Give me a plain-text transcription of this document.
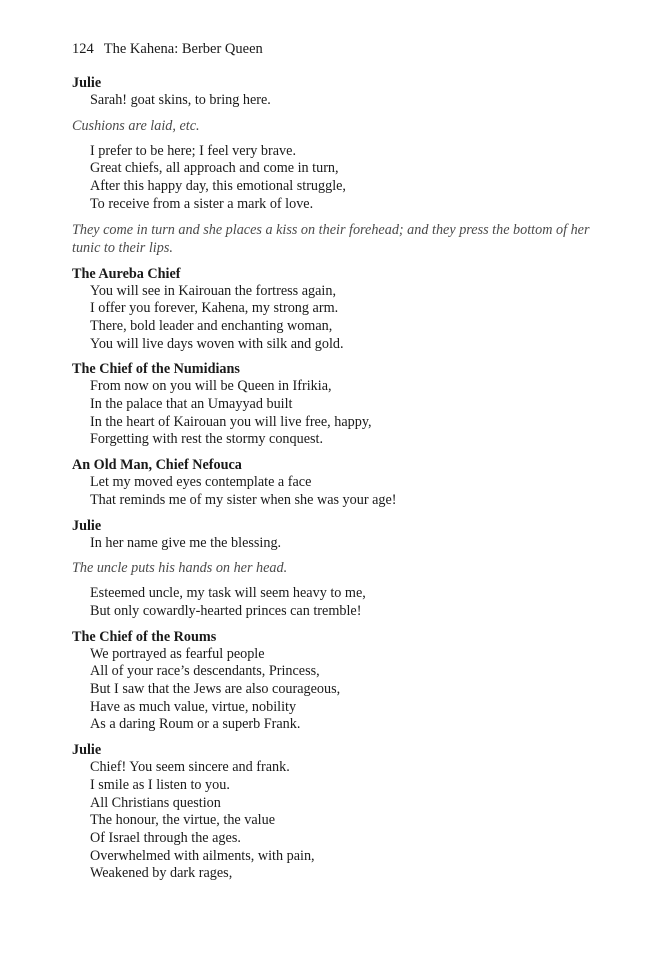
124 The Kahena: Berber Queen
Julie
Sarah! goat skins, to bring here.
Cushions are laid, etc.
I prefer to be here; I feel very brave.
Great chiefs, all approach and come in turn,
After this happy day, this emotional struggle,
To receive from a sister a mark of love.
They come in turn and she places a kiss on their forehead; and they press the bottom of her tunic to their lips.
The Aureba Chief
You will see in Kairouan the fortress again,
I offer you forever, Kahena, my strong arm.
There, bold leader and enchanting woman,
You will live days woven with silk and gold.
The Chief of the Numidians
From now on you will be Queen in Ifrikia,
In the palace that an Umayyad built
In the heart of Kairouan you will live free, happy,
Forgetting with rest the stormy conquest.
An Old Man, Chief Nefouca
Let my moved eyes contemplate a face
That reminds me of my sister when she was your age!
Julie
In her name give me the blessing.
The uncle puts his hands on her head.
Esteemed uncle, my task will seem heavy to me,
But only cowardly-hearted princes can tremble!
The Chief of the Roums
We portrayed as fearful people
All of your race’s descendants, Princess,
But I saw that the Jews are also courageous,
Have as much value, virtue, nobility
As a daring Roum or a superb Frank.
Julie
Chief! You seem sincere and frank.
I smile as I listen to you.
All Christians question
The honour, the virtue, the value
Of Israel through the ages.
Overwhelmed with ailments, with pain,
Weakened by dark rages,
